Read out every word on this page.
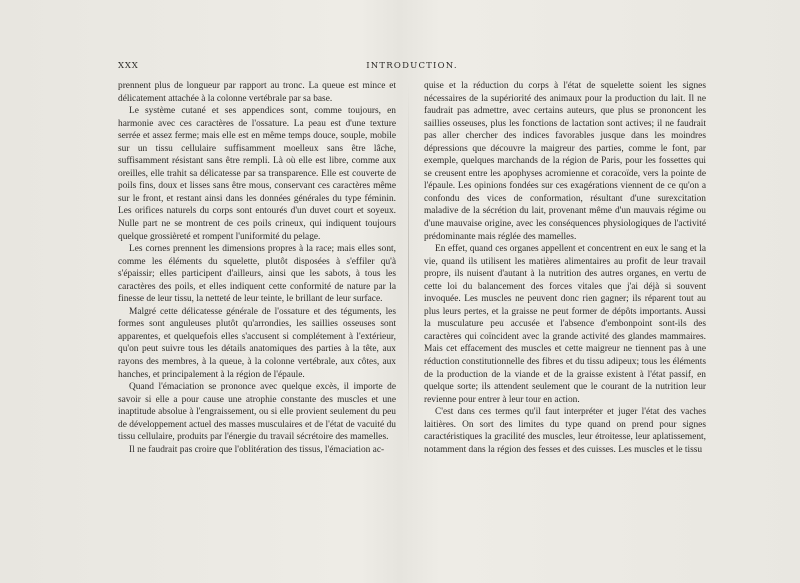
XXX	INTRODUCTION.

prennent plus de longueur par rapport au tronc. La queue est mince et délicatement attachée à la colonne vertébrale par sa base.

Le système cutané et ses appendices sont, comme toujours, en harmonie avec ces caractères de l'ossature. La peau est d'une texture serrée et assez ferme; mais elle est en même temps douce, souple, mobile sur un tissu cellulaire suffisamment moelleux sans être lâche, suffisamment résistant sans être rempli. Là où elle est libre, comme aux oreilles, elle trahit sa délicatesse par sa transparence. Elle est couverte de poils fins, doux et lisses sans être mous, conservant ces caractères même sur le front, et restant ainsi dans les données générales du type féminin. Les orifices naturels du corps sont entourés d'un duvet court et soyeux. Nulle part ne se montrent de ces poils crineux, qui indiquent toujours quelque grossièreté et rompent l'uniformité du pelage.

Les cornes prennent les dimensions propres à la race; mais elles sont, comme les éléments du squelette, plutôt disposées à s'effiler qu'à s'épaissir; elles participent d'ailleurs, ainsi que les sabots, à tous les caractères des poils, et elles indiquent cette conformité de nature par la finesse de leur tissu, la netteté de leur teinte, le brillant de leur surface.

Malgré cette délicatesse générale de l'ossature et des téguments, les formes sont anguleuses plutôt qu'arrondies, les saillies osseuses sont apparentes, et quelquefois elles s'accusent si complétement à l'extérieur, qu'on peut suivre tous les détails anatomiques des parties à la tête, aux rayons des membres, à la queue, à la colonne vertébrale, aux côtes, aux hanches, et principalement à la région de l'épaule.

Quand l'émaciation se prononce avec quelque excès, il importe de savoir si elle a pour cause une atrophie constante des muscles et une inaptitude absolue à l'engraissement, ou si elle provient seulement du peu de développement actuel des masses musculaires et de l'état de vacuité du tissu cellulaire, produits par l'énergie du travail sécrétoire des mamelles.

Il ne faudrait pas croire que l'oblitération des tissus, l'émaciation ac-

quise et la réduction du corps à l'état de squelette soient les signes nécessaires de la supériorité des animaux pour la production du lait. Il ne faudrait pas admettre, avec certains auteurs, que plus se prononcent les saillies osseuses, plus les fonctions de lactation sont actives; il ne faudrait pas aller chercher des indices favorables jusque dans les moindres dépressions que découvre la maigreur des parties, comme le font, par exemple, quelques marchands de la région de Paris, pour les fossettes qui se creusent entre les apophyses acromienne et coracoïde, vers la pointe de l'épaule. Les opinions fondées sur ces exagérations viennent de ce qu'on a confondu des vices de conformation, résultant d'une surexcitation maladive de la sécrétion du lait, provenant même d'un mauvais régime ou d'une mauvaise origine, avec les conséquences physiologiques de l'activité prédominante mais réglée des mamelles.

En effet, quand ces organes appellent et concentrent en eux le sang et la vie, quand ils utilisent les matières alimentaires au profit de leur travail propre, ils nuisent d'autant à la nutrition des autres organes, en vertu de cette loi du balancement des forces vitales que j'ai déjà si souvent invoquée. Les muscles ne peuvent donc rien gagner; ils réparent tout au plus leurs pertes, et la graisse ne peut former de dépôts importants. Aussi la musculature peu accusée et l'absence d'embonpoint sont-ils des caractères qui coïncident avec la grande activité des glandes mammaires. Mais cet effacement des muscles et cette maigreur ne tiennent pas à une réduction constitutionnelle des fibres et du tissu adipeux; tous les éléments de la production de la viande et de la graisse existent à l'état passif, en quelque sorte; ils attendent seulement que le courant de la nutrition leur revienne pour entrer à leur tour en action.

C'est dans ces termes qu'il faut interpréter et juger l'état des vaches laitières. On sort des limites du type quand on prend pour signes caractéristiques la gracilité des muscles, leur étroitesse, leur aplatissement, notamment dans la région des fesses et des cuisses. Les muscles et le tissu
